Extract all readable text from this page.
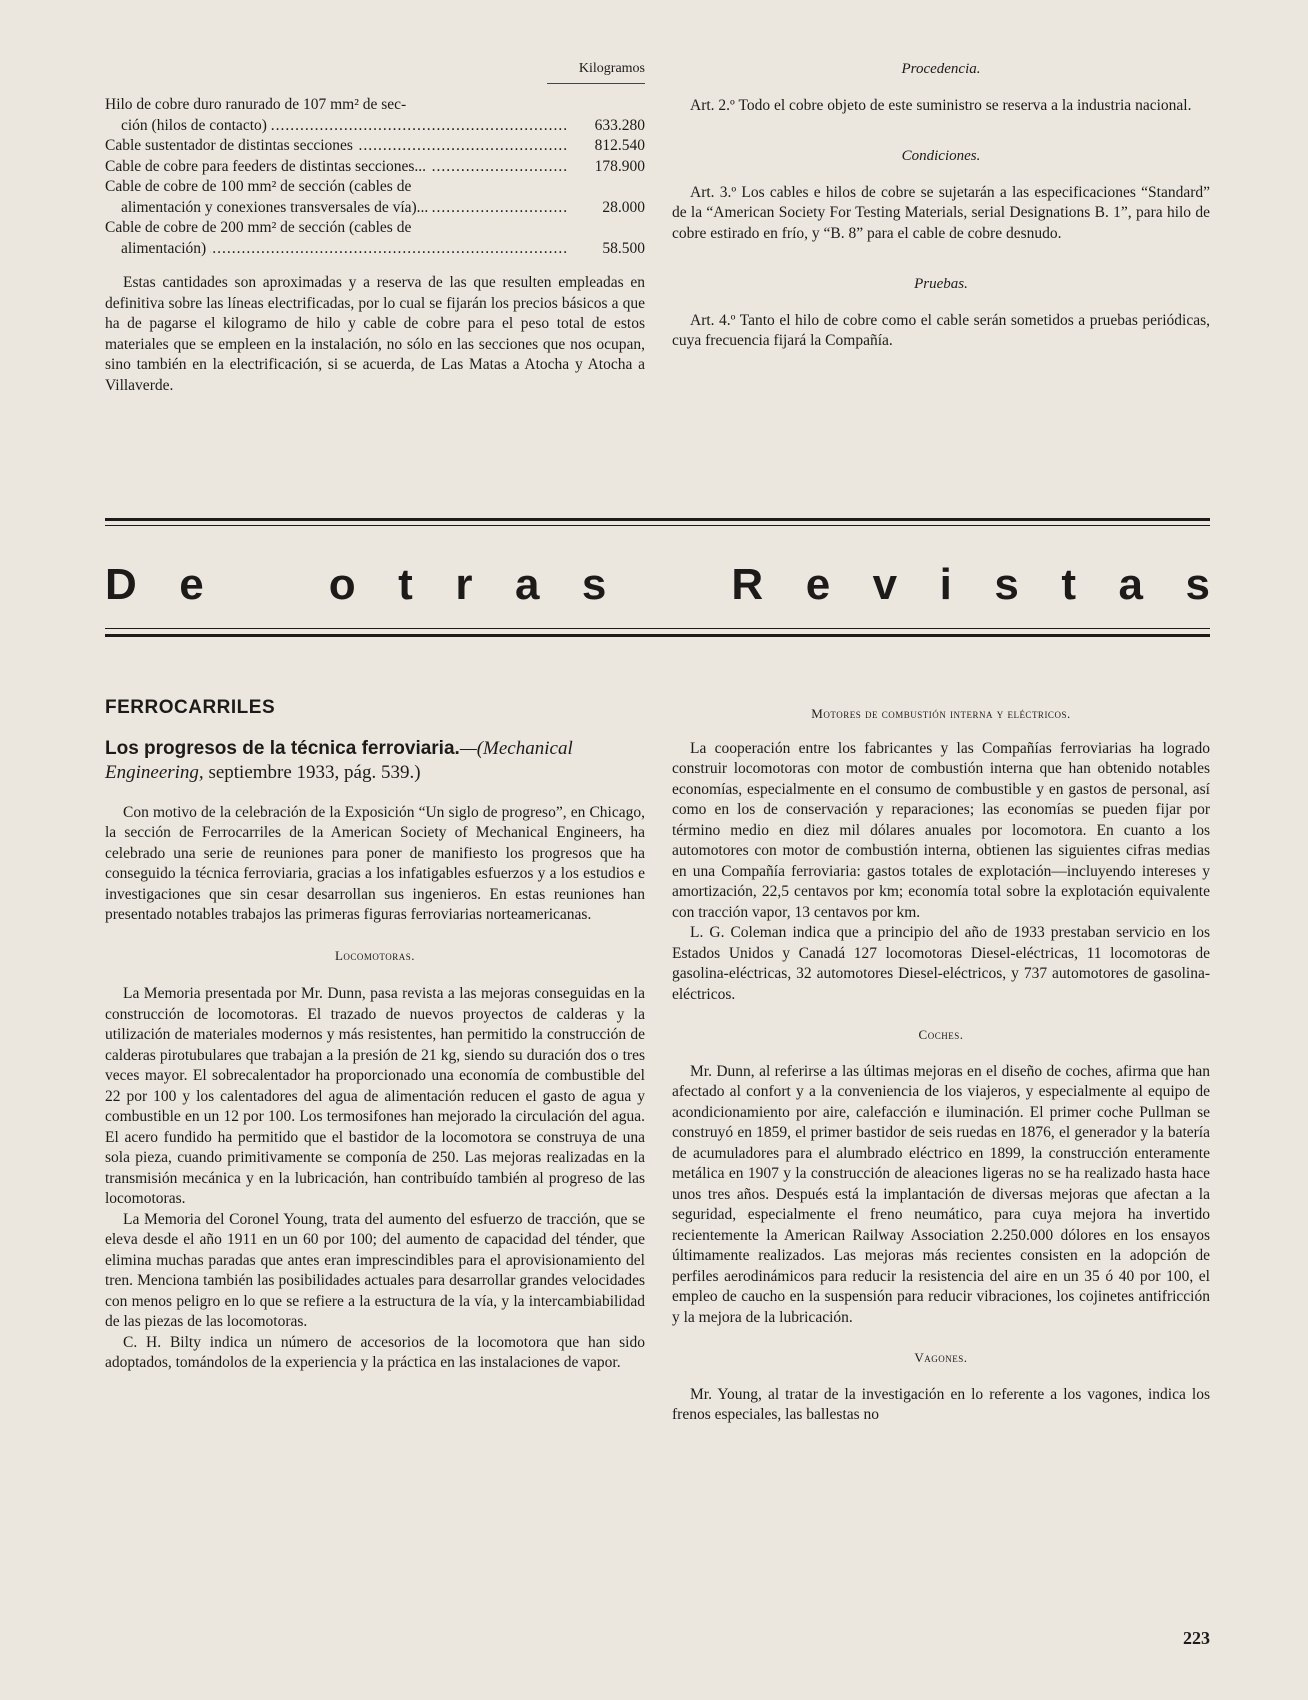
Kilogramos
Hilo de cobre duro ranurado de 107 mm² de sec-
ción (hilos de contacto) .....	633.280
Cable sustentador de distintas secciones .....	812.540
Cable de cobre para feeders de distintas secciones... .....	178.900
Cable de cobre de 100 mm² de sección (cables de
alimentación y conexiones transversales de vía)... .....	28.000
Cable de cobre de 200 mm² de sección (cables de
alimentación) .....	58.500

Estas cantidades son aproximadas y a reserva de las que resulten empleadas en definitiva sobre las líneas electrificadas, por lo cual se fijarán los precios básicos a que ha de pagarse el kilogramo de hilo y cable de cobre para el peso total de estos materiales que se empleen en la instalación, no sólo en las secciones que nos ocupan, sino también en la electrificación, si se acuerda, de Las Matas a Atocha y Atocha a Villaverde.

Procedencia.

Art. 2.º Todo el cobre objeto de este suministro se reserva a la industria nacional.

Condiciones.

Art. 3.º Los cables e hilos de cobre se sujetarán a las especificaciones “Standard” de la “American Society For Testing Materials, serial Designations B. 1”, para hilo de cobre estirado en frío, y “B. 8” para el cable de cobre desnudo.

Pruebas.

Art. 4.º Tanto el hilo de cobre como el cable serán sometidos a pruebas periódicas, cuya frecuencia fijará la Compañía.

D e	o t r a s	R e v i s t a s
FERROCARRILES
Los progresos de la técnica ferroviaria.—(Mechanical Engineering, septiembre 1933, pág. 539.)

Con motivo de la celebración de la Exposición “Un siglo de progreso”, en Chicago, la sección de Ferrocarriles de la American Society of Mechanical Engineers, ha celebrado una serie de reuniones para poner de manifiesto los progresos que ha conseguido la técnica ferroviaria, gracias a los infatigables esfuerzos y a los estudios e investigaciones que sin cesar desarrollan sus ingenieros. En estas reuniones han presentado notables trabajos las primeras figuras ferroviarias norteamericanas.

Locomotoras.

La Memoria presentada por Mr. Dunn, pasa revista a las mejoras conseguidas en la construcción de locomotoras. El trazado de nuevos proyectos de calderas y la utilización de materiales modernos y más resistentes, han permitido la construcción de calderas pirotubulares que trabajan a la presión de 21 kg, siendo su duración dos o tres veces mayor. El sobrecalentador ha proporcionado una economía de combustible del 22 por 100 y los calentadores del agua de alimentación reducen el gasto de agua y combustible en un 12 por 100. Los termosifones han mejorado la circulación del agua. El acero fundido ha permitido que el bastidor de la locomotora se construya de una sola pieza, cuando primitivamente se componía de 250. Las mejoras realizadas en la transmisión mecánica y en la lubricación, han contribuído también al progreso de las locomotoras.

La Memoria del Coronel Young, trata del aumento del esfuerzo de tracción, que se eleva desde el año 1911 en un 60 por 100; del aumento de capacidad del ténder, que elimina muchas paradas que antes eran imprescindibles para el aprovisionamiento del tren. Menciona también las posibilidades actuales para desarrollar grandes velocidades con menos peligro en lo que se refiere a la estructura de la vía, y la intercambiabilidad de las piezas de las locomotoras.

C. H. Bilty indica un número de accesorios de la locomotora que han sido adoptados, tomándolos de la experiencia y la práctica en las instalaciones de vapor.

Motores de combustión interna y eléctricos.

La cooperación entre los fabricantes y las Compañías ferroviarias ha logrado construir locomotoras con motor de combustión interna que han obtenido notables economías, especialmente en el consumo de combustible y en gastos de personal, así como en los de conservación y reparaciones; las economías se pueden fijar por término medio en diez mil dólares anuales por locomotora. En cuanto a los automotores con motor de combustión interna, obtienen las siguientes cifras medias en una Compañía ferroviaria: gastos totales de explotación—incluyendo intereses y amortización, 22,5 centavos por km; economía total sobre la explotación equivalente con tracción vapor, 13 centavos por km.

L. G. Coleman indica que a principio del año de 1933 prestaban servicio en los Estados Unidos y Canadá 127 locomotoras Diesel-eléctricas, 11 locomotoras de gasolina-eléctricas, 32 automotores Diesel-eléctricos, y 737 automotores de gasolina-eléctricos.

Coches.

Mr. Dunn, al referirse a las últimas mejoras en el diseño de coches, afirma que han afectado al confort y a la conveniencia de los viajeros, y especialmente al equipo de acondicionamiento por aire, calefacción e iluminación. El primer coche Pullman se construyó en 1859, el primer bastidor de seis ruedas en 1876, el generador y la batería de acumuladores para el alumbrado eléctrico en 1899, la construcción enteramente metálica en 1907 y la construcción de aleaciones ligeras no se ha realizado hasta hace unos tres años. Después está la implantación de diversas mejoras que afectan a la seguridad, especialmente el freno neumático, para cuya mejora ha invertido recientemente la American Railway Association 2.250.000 dólores en los ensayos últimamente realizados. Las mejoras más recientes consisten en la adopción de perfiles aerodinámicos para reducir la resistencia del aire en un 35 ó 40 por 100, el empleo de caucho en la suspensión para reducir vibraciones, los cojinetes antifricción y la mejora de la lubricación.

Vagones.

Mr. Young, al tratar de la investigación en lo referente a los vagones, indica los frenos especiales, las ballestas no

223
